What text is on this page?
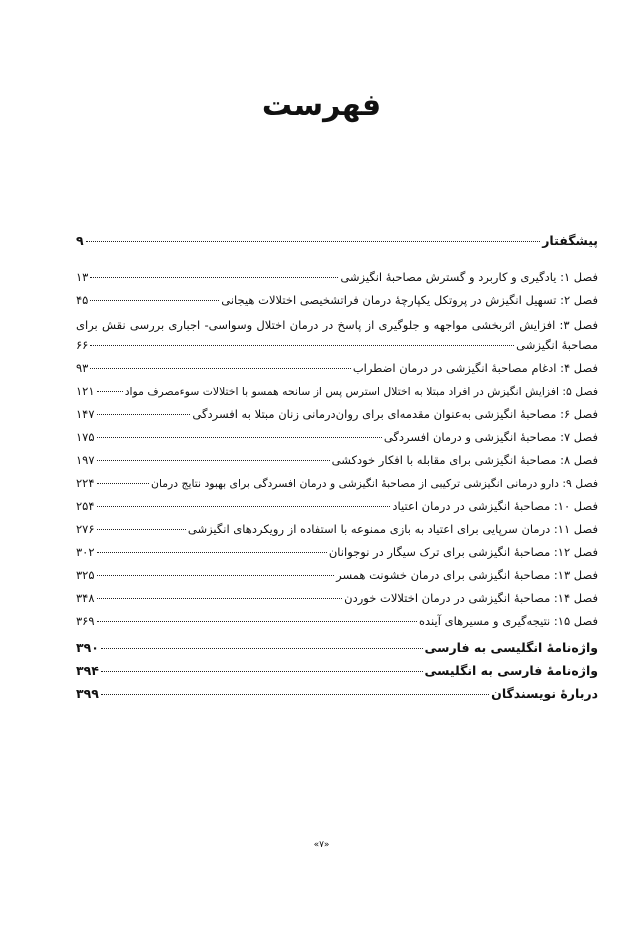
فهرست
پیشگفتار
۹
فصل ۱: یادگیری و کاربرد و گسترش مصاحبهٔ انگیزشی
۱۳
فصل ۲: تسهیل انگیزش در پروتکل یکپارچهٔ درمان فراتشخیصی اختلالات هیجانی
۴۵
فصل ۳: افزایش اثربخشی مواجهه و جلوگیری از پاسخ در درمان اختلال وسواسی- اجباری بررسی نقش برای
مصاحبهٔ انگیزشی
۶۶
فصل ۴: ادغام مصاحبهٔ انگیزشی در درمان اضطراب
۹۳
فصل ۵: افزایش انگیزش در افراد مبتلا به اختلال استرس پس از سانحه همسو با اختلالات سوءمصرف مواد
۱۲۱
فصل ۶: مصاحبهٔ انگیزشی به‌عنوان مقدمه‌ای برای روان‌درمانی زنان مبتلا به افسردگی
۱۴۷
فصل ۷: مصاحبهٔ انگیزشی و درمان افسردگی
۱۷۵
فصل ۸: مصاحبهٔ انگیزشی برای مقابله با افکار خودکشی
۱۹۷
فصل ۹: دارو درمانی انگیزشی ترکیبی از مصاحبهٔ انگیزشی و درمان افسردگی برای بهبود نتایج درمان
۲۲۴
فصل ۱۰: مصاحبهٔ انگیزشی در درمان اعتیاد
۲۵۴
فصل ۱۱: درمان سرپایی برای اعتیاد به بازی ممنوعه با استفاده از رویکردهای انگیزشی
۲۷۶
فصل ۱۲: مصاحبهٔ انگیزشی برای ترک سیگار در نوجوانان
۳۰۲
فصل ۱۳: مصاحبهٔ انگیزشی برای درمان خشونت همسر
۳۲۵
فصل ۱۴: مصاحبهٔ انگیزشی در درمان اختلالات خوردن
۳۴۸
فصل ۱۵: نتیجه‌گیری و مسیرهای آینده
۳۶۹
واژه‌نامهٔ انگلیسی به فارسی
۳۹۰
واژه‌نامهٔ فارسی به انگلیسی
۳۹۴
دربارهٔ نویسندگان
۳۹۹
«۷»
